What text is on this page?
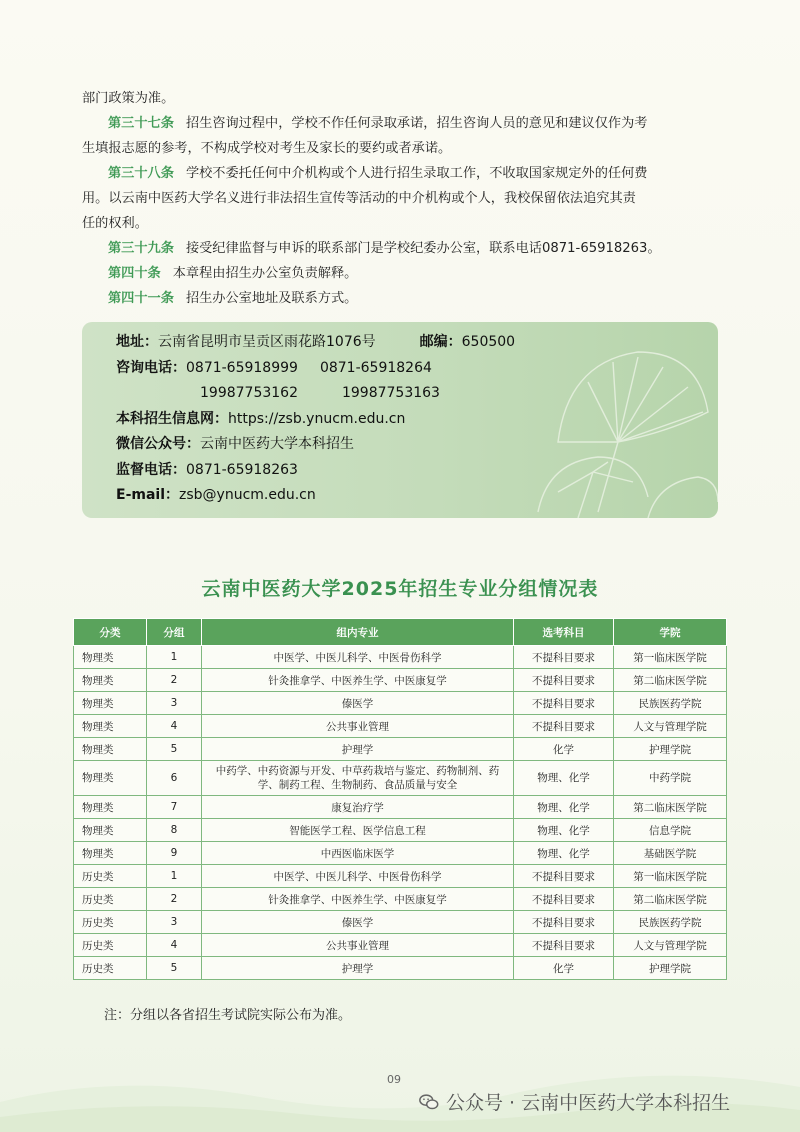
部门政策为准。

第三十七条 招生咨询过程中，学校不作任何录取承诺，招生咨询人员的意见和建议仅作为考

生填报志愿的参考，不构成学校对考生及家长的要约或者承诺。

第三十八条 学校不委托任何中介机构或个人进行招生录取工作，不收取国家规定外的任何费

用。以云南中医药大学名义进行非法招生宣传等活动的中介机构或个人，我校保留依法追究其责

任的权利。

第三十九条 接受纪律监督与申诉的联系部门是学校纪委办公室，联系电话0871-65918263。

第四十条 本章程由招生办公室负责解释。

第四十一条 招生办公室地址及联系方式。

地址：云南省昆明市呈贡区雨花路1076号	邮编：650500
咨询电话：0871-65918999 0871-65918264
19987753162	19987753163
本科招生信息网：https://zsb.ynucm.edu.cn
微信公众号：云南中医药大学本科招生
监督电话：0871-65918263
E-mail：zsb@ynucm.edu.cn
云南中医药大学2025年招生专业分组情况表
分类	分组	组内专业	选考科目	学院
物理类	1	中医学、中医儿科学、中医骨伤科学	不提科目要求	第一临床医学院
物理类	2	针灸推拿学、中医养生学、中医康复学	不提科目要求	第二临床医学院
物理类	3	傣医学	不提科目要求	民族医药学院
物理类	4	公共事业管理	不提科目要求	人文与管理学院
物理类	5	护理学	化学	护理学院
物理类	6	中药学、中药资源与开发、中草药栽培与鉴定、药物制剂、药学、制药工程、生物制药、食品质量与安全	物理、化学	中药学院
物理类	7	康复治疗学	物理、化学	第二临床医学院
物理类	8	智能医学工程、医学信息工程	物理、化学	信息学院
物理类	9	中西医临床医学	物理、化学	基础医学院
历史类	1	中医学、中医儿科学、中医骨伤科学	不提科目要求	第一临床医学院
历史类	2	针灸推拿学、中医养生学、中医康复学	不提科目要求	第二临床医学院
历史类	3	傣医学	不提科目要求	民族医药学院
历史类	4	公共事业管理	不提科目要求	人文与管理学院
历史类	5	护理学	化学	护理学院
注：分组以各省招生考试院实际公布为准。
09
公众号 · 云南中医药大学本科招生
